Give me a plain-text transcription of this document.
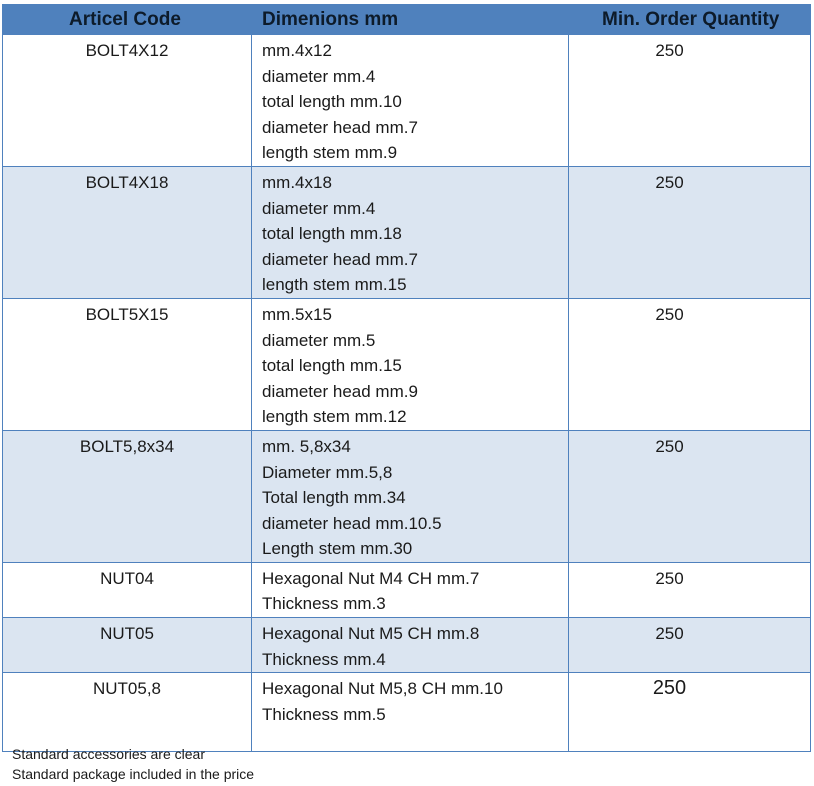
Articel Code	Dimenions mm	Min. Order Quantity

BOLT4X12	mm.4x12
diameter mm.4
total length mm.10
diameter head mm.7
length stem mm.9	250

BOLT4X18	mm.4x18
diameter mm.4
total length mm.18
diameter head mm.7
length stem mm.15	250

BOLT5X15	mm.5x15
diameter mm.5
total length mm.15
diameter head mm.9
length stem mm.12	250

BOLT5,8x34	mm. 5,8x34
Diameter mm.5,8
Total length mm.34
diameter head mm.10.5
Length stem mm.30	250

NUT04	Hexagonal Nut M4 CH mm.7
Thickness mm.3	250

NUT05	Hexagonal Nut M5 CH mm.8
Thickness mm.4	250

NUT05,8	Hexagonal Nut M5,8 CH mm.10
Thickness mm.5	250
Standard accessories are clear
Standard package included in the price
